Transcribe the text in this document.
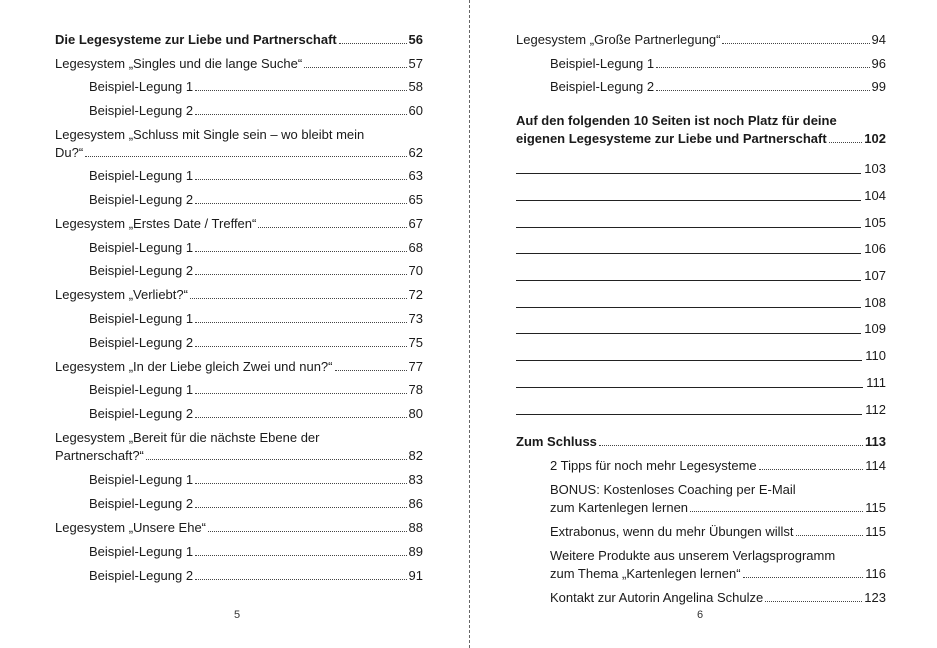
Die Legesysteme zur Liebe und Partnerschaft	56
Legesystem „Singles und die lange Suche“	57
Beispiel-Legung 1	58
Beispiel-Legung 2	60
Legesystem „Schluss mit Single sein – wo bleibt mein
Du?“	62
Beispiel-Legung 1	63
Beispiel-Legung 2	65
Legesystem „Erstes Date / Treffen“	67
Beispiel-Legung 1	68
Beispiel-Legung 2	70
Legesystem „Verliebt?“	72
Beispiel-Legung 1	73
Beispiel-Legung 2	75
Legesystem „In der Liebe gleich Zwei und nun?“	77
Beispiel-Legung 1	78
Beispiel-Legung 2	80
Legesystem „Bereit für die nächste Ebene der
Partnerschaft?“	82
Beispiel-Legung 1	83
Beispiel-Legung 2	86
Legesystem „Unsere Ehe“	88
Beispiel-Legung 1	89
Beispiel-Legung 2	91
5
Legesystem „Große Partnerlegung“	94
Beispiel-Legung 1	96
Beispiel-Legung 2	99
Auf den folgenden 10 Seiten ist noch Platz für deine
eigenen Legesysteme zur Liebe und Partnerschaft	102
103
104
105
106
107
108
109
110
111
112
Zum Schluss	113
2 Tipps für noch mehr Legesysteme	114
BONUS: Kostenloses Coaching per E-Mail
zum Kartenlegen lernen	115
Extrabonus, wenn du mehr Übungen willst	115
Weitere Produkte aus unserem Verlagsprogramm
zum Thema „Kartenlegen lernen“	116
Kontakt zur Autorin Angelina Schulze	123
6
